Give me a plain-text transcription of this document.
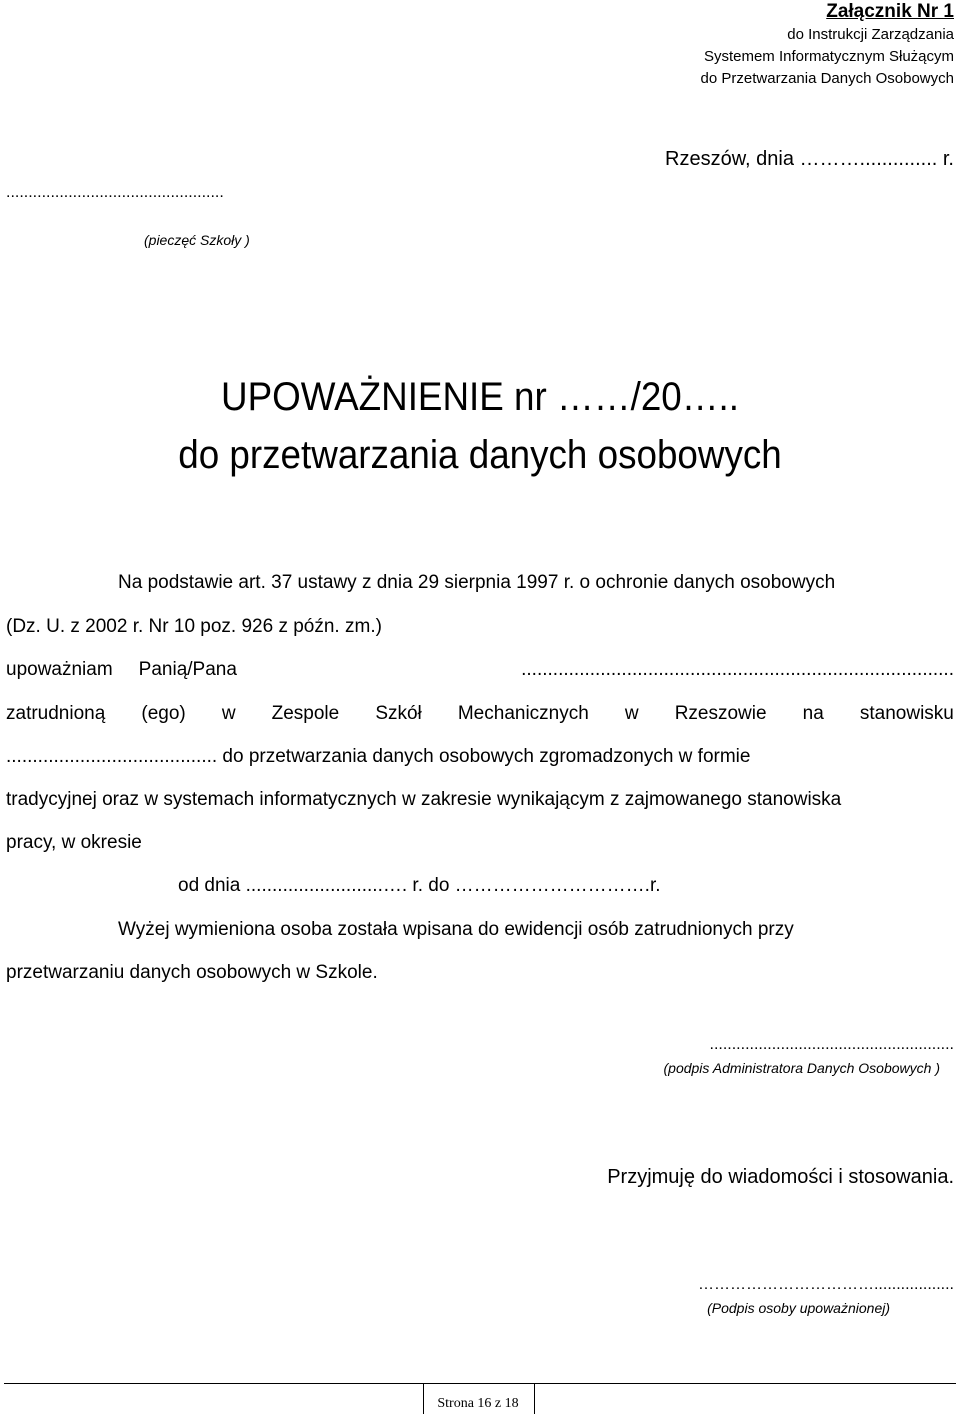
Załącznik Nr 1
do Instrukcji Zarządzania
Systemem Informatycznym Służącym
do Przetwarzania Danych Osobowych
Rzeszów, dnia ……….............. r.
.................................................
(pieczęć Szkoły )
UPOWAŻNIENIE nr ……/20…..
do przetwarzania danych osobowych
Na podstawie art. 37 ustawy z dnia 29 sierpnia 1997 r. o ochronie danych osobowych
(Dz. U. z 2002 r. Nr 10 poz. 926 z późn. zm.)
upoważniam Panią/Pana	..................................................................................
zatrudnioną (ego) w Zespole Szkół Mechanicznych w Rzeszowie na stanowisku
........................................ do przetwarzania danych osobowych zgromadzonych w formie
tradycyjnej oraz w systemach informatycznych w zakresie wynikającym z zajmowanego stanowiska
pracy, w okresie
od dnia ..........................…. r. do ………………………….r.
Wyżej wymieniona osoba została wpisana do ewidencji osób zatrudnionych przy
przetwarzaniu danych osobowych w Szkole.
.......................................................
(podpis Administratora Danych Osobowych )
Przyjmuję do wiadomości i stosowania.
……………………………..................
(Podpis osoby upoważnionej)
Strona 16 z 18
